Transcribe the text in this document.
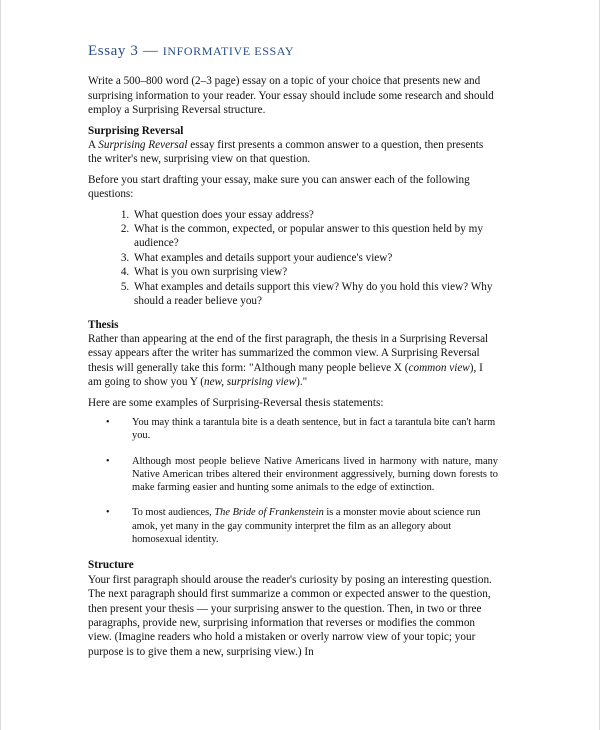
Essay 3 — INFORMATIVE ESSAY

Write a 500–800 word (2–3 page) essay on a topic of your choice that presents new and surprising information to your reader. Your essay should include some research and should employ a Surprising Reversal structure.

Surprising Reversal

A Surprising Reversal essay first presents a common answer to a question, then presents the writer's new, surprising view on that question.

Before you start drafting your essay, make sure you can answer each of the following questions:

1. What question does your essay address?
2. What is the common, expected, or popular answer to this question held by my audience?
3. What examples and details support your audience's view?
4. What is you own surprising view?
5. What examples and details support this view? Why do you hold this view? Why should a reader believe you?

Thesis

Rather than appearing at the end of the first paragraph, the thesis in a Surprising Reversal essay appears after the writer has summarized the common view. A Surprising Reversal thesis will generally take this form: "Although many people believe X (common view), I am going to show you Y (new, surprising view)."

Here are some examples of Surprising-Reversal thesis statements:

• You may think a tarantula bite is a death sentence, but in fact a tarantula bite can't harm you.
• Although most people believe Native Americans lived in harmony with nature, many Native American tribes altered their environment aggressively, burning down forests to make farming easier and hunting some animals to the edge of extinction.
• To most audiences, The Bride of Frankenstein is a monster movie about science run amok, yet many in the gay community interpret the film as an allegory about homosexual identity.

Structure

Your first paragraph should arouse the reader's curiosity by posing an interesting question. The next paragraph should first summarize a common or expected answer to the question, then present your thesis — your surprising answer to the question. Then, in two or three paragraphs, provide new, surprising information that reverses or modifies the common view. (Imagine readers who hold a mistaken or overly narrow view of your topic; your purpose is to give them a new, surprising view.) In
